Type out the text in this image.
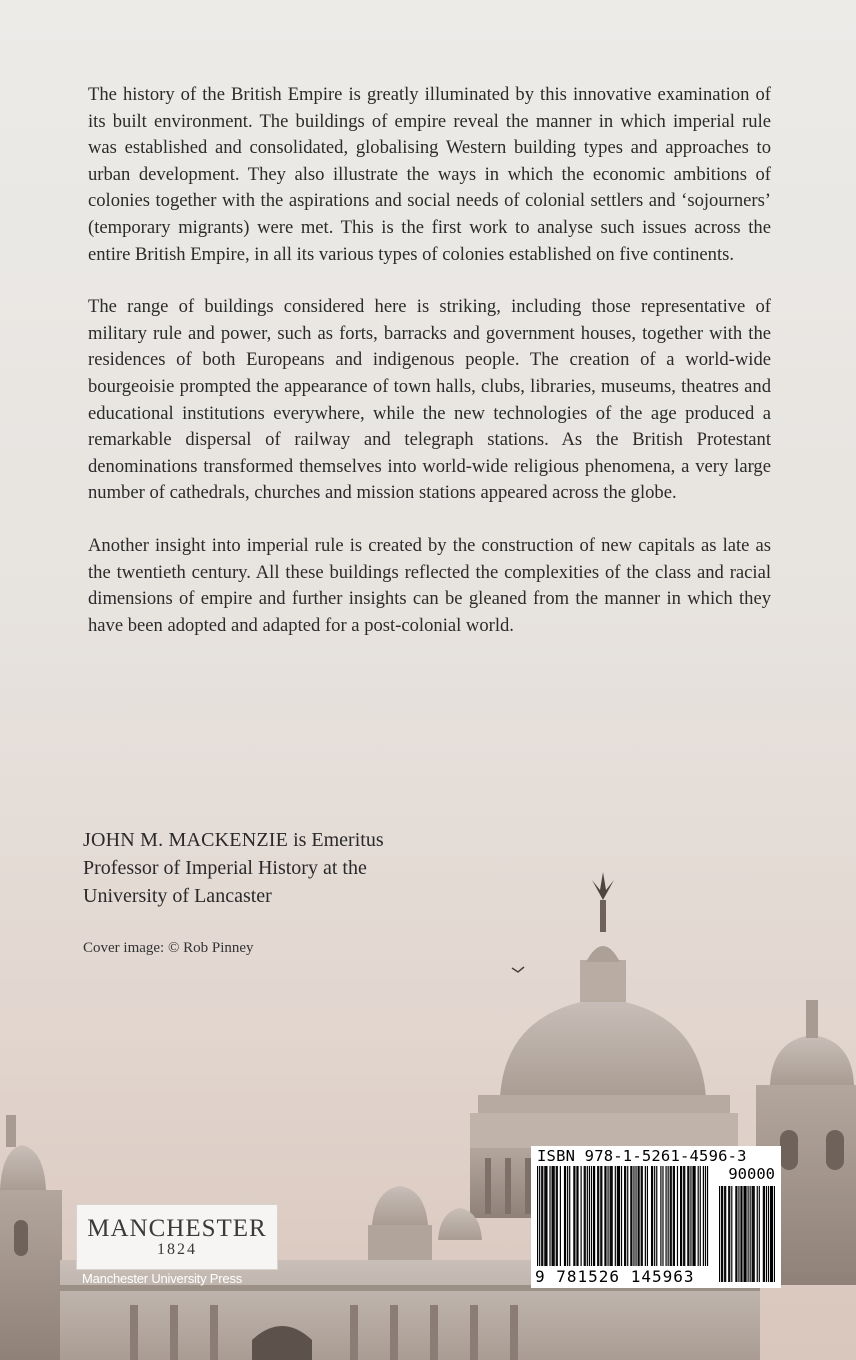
The history of the British Empire is greatly illuminated by this innovative examination of its built environment. The buildings of empire reveal the manner in which imperial rule was established and consolidated, globalising Western building types and approaches to urban development. They also illustrate the ways in which the economic ambitions of colonies together with the aspirations and social needs of colonial settlers and ‘sojourners’ (temporary migrants) were met. This is the first work to analyse such issues across the entire British Empire, in all its various types of colonies established on five continents.

The range of buildings considered here is striking, including those representative of military rule and power, such as forts, barracks and government houses, together with the residences of both Europeans and indigenous people. The creation of a world-wide bourgeoisie prompted the appearance of town halls, clubs, libraries, museums, theatres and educational institutions everywhere, while the new technologies of the age produced a remarkable dispersal of railway and telegraph stations. As the British Protestant denominations transformed themselves into world-wide religious phenomena, a very large number of cathedrals, churches and mission stations appeared across the globe.

Another insight into imperial rule is created by the construction of new capitals as late as the twentieth century. All these buildings reflected the complexities of the class and racial dimensions of empire and further insights can be gleaned from the manner in which they have been adopted and adapted for a post-colonial world.

JOHN M. MACKENZIE is Emeritus
Professor of Imperial History at the
University of Lancaster
Cover image: © Rob Pinney
MANCHESTER
1824
Manchester University Press
ISBN 978-1-5261-4596-3
90000
9 781526 145963
